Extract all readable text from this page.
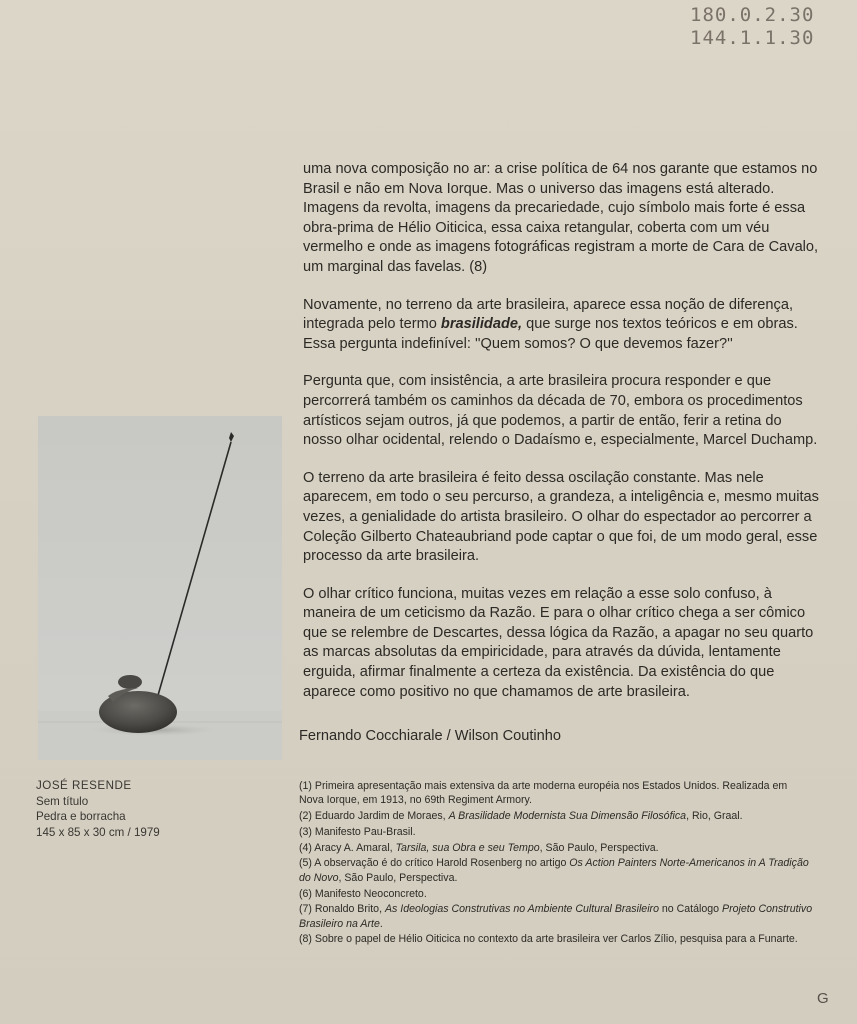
180.0.2.30
144.1.1.30

uma nova composição no ar: a crise política de 64 nos garante que estamos no Brasil e não em Nova Iorque. Mas o universo das imagens está alterado. Imagens da revolta, imagens da precariedade, cujo símbolo mais forte é essa obra-prima de Hélio Oiticica, essa caixa retangular, coberta com um véu vermelho e onde as imagens fotográficas registram a morte de Cara de Cavalo, um marginal das favelas. (8)

Novamente, no terreno da arte brasileira, aparece essa noção de diferença, integrada pelo termo brasilidade, que surge nos textos teóricos e em obras. Essa pergunta indefinível: ''Quem somos? O que devemos fazer?''

Pergunta que, com insistência, a arte brasileira procura responder e que percorrerá também os caminhos da década de 70, embora os procedimentos artísticos sejam outros, já que podemos, a partir de então, ferir a retina do nosso olhar ocidental, relendo o Dadaísmo e, especialmente, Marcel Duchamp.

O terreno da arte brasileira é feito dessa oscilação constante. Mas nele aparecem, em todo o seu percurso, a grandeza, a inteligência e, mesmo muitas vezes, a genialidade do artista brasileiro. O olhar do espectador ao percorrer a Coleção Gilberto Chateaubriand pode captar o que foi, de um modo geral, esse processo da arte brasileira.

O olhar crítico funciona, muitas vezes em relação a esse solo confuso, à maneira de um ceticismo da Razão. E para o olhar crítico chega a ser cômico que se relembre de Descartes, dessa lógica da Razão, a apagar no seu quarto as marcas absolutas da empiricidade, para através da dúvida, lentamente erguida, afirmar finalmente a certeza da existência. Da existência do que aparece como positivo no que chamamos de arte brasileira.

Fernando Cocchiarale / Wilson Coutinho
JOSÉ RESENDE
Sem título
Pedra e borracha
145 x 85 x 30 cm / 1979
(1) Primeira apresentação mais extensiva da arte moderna européia nos Estados Unidos. Realizada em Nova Iorque, em 1913, no 69th Regiment Armory.
(2) Eduardo Jardim de Moraes, A Brasilidade Modernista Sua Dimensão Filosófica, Rio, Graal.
(3) Manifesto Pau-Brasil.
(4) Aracy A. Amaral, Tarsila, sua Obra e seu Tempo, São Paulo, Perspectiva.
(5) A observação é do crítico Harold Rosenberg no artigo Os Action Painters Norte-Americanos in A Tradição do Novo, São Paulo, Perspectiva.
(6) Manifesto Neoconcreto.
(7) Ronaldo Brito, As Ideologias Construtivas no Ambiente Cultural Brasileiro no Catálogo Projeto Construtivo Brasileiro na Arte.
(8) Sobre o papel de Hélio Oiticica no contexto da arte brasileira ver Carlos Zílio, pesquisa para a Funarte.
G
